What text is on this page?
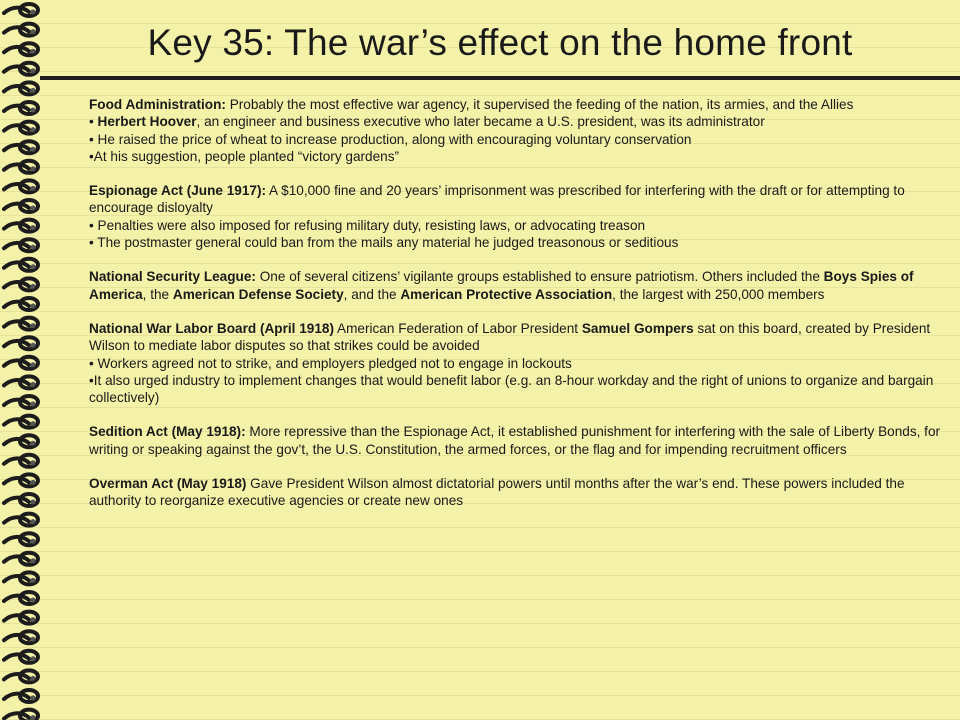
Key 35: The war’s effect on the home front

Food Administration: Probably the most effective war agency, it supervised the feeding of the nation, its armies, and the Allies

• Herbert Hoover, an engineer and business executive who later became a U.S. president, was its administrator

• He raised the price of wheat to increase production, along with encouraging voluntary conservation

•At his suggestion, people planted “victory gardens”

Espionage Act (June 1917): A $10,000 fine and 20 years’ imprisonment was prescribed for interfering with the draft or for attempting to encourage disloyalty

• Penalties were also imposed for refusing military duty, resisting laws, or advocating treason

• The postmaster general could ban from the mails any material he judged treasonous or seditious

National Security League: One of several citizens’ vigilante groups established to ensure patriotism. Others included the Boys Spies of America, the American Defense Society, and the American Protective Association, the largest with 250,000 members

National War Labor Board (April 1918) American Federation of Labor President Samuel Gompers sat on this board, created by President Wilson to mediate labor disputes so that strikes could be avoided

• Workers agreed not to strike, and employers pledged not to engage in lockouts

•It also urged industry to implement changes that would benefit labor (e.g. an 8-hour workday and the right of unions to organize and bargain collectively)

Sedition Act (May 1918): More repressive than the Espionage Act, it established punishment for interfering with the sale of Liberty Bonds, for writing or speaking against the gov’t, the U.S. Constitution, the armed forces, or the flag and for impending recruitment officers

Overman Act (May 1918) Gave President Wilson almost dictatorial powers until months after the war’s end. These powers included the authority to reorganize executive agencies or create new ones
